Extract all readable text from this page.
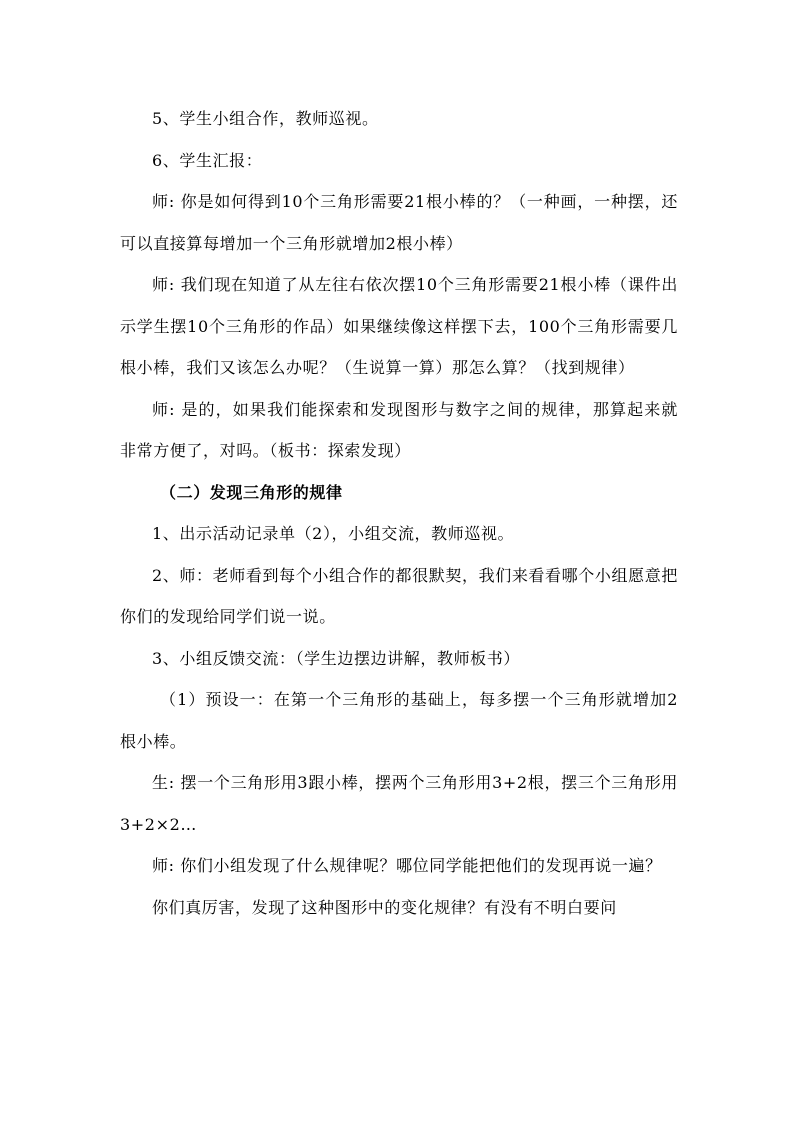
5、学生小组合作，教师巡视。

6、学生汇报：

师: 你是如何得到10个三角形需要21根小棒的？（一种画，一种摆，还可以直接算每增加一个三角形就增加2根小棒）

师: 我们现在知道了从左往右依次摆10个三角形需要21根小棒（课件出示学生摆10个三角形的作品）如果继续像这样摆下去，100个三角形需要几根小棒，我们又该怎么办呢？（生说算一算）那怎么算？（找到规律）

师: 是的，如果我们能探索和发现图形与数字之间的规律，那算起来就非常方便了，对吗。（板书：探索发现）

（二）发现三角形的规律

1、出示活动记录单（2），小组交流，教师巡视。

2、师：老师看到每个小组合作的都很默契，我们来看看哪个小组愿意把你们的发现给同学们说一说。

3、小组反馈交流：（学生边摆边讲解，教师板书）

（1）预设一：在第一个三角形的基础上，每多摆一个三角形就增加2根小棒。

生: 摆一个三角形用3跟小棒，摆两个三角形用3+2根，摆三个三角形用3+2×2…

师: 你们小组发现了什么规律呢？哪位同学能把他们的发现再说一遍？

你们真厉害，发现了这种图形中的变化规律？有没有不明白要问
